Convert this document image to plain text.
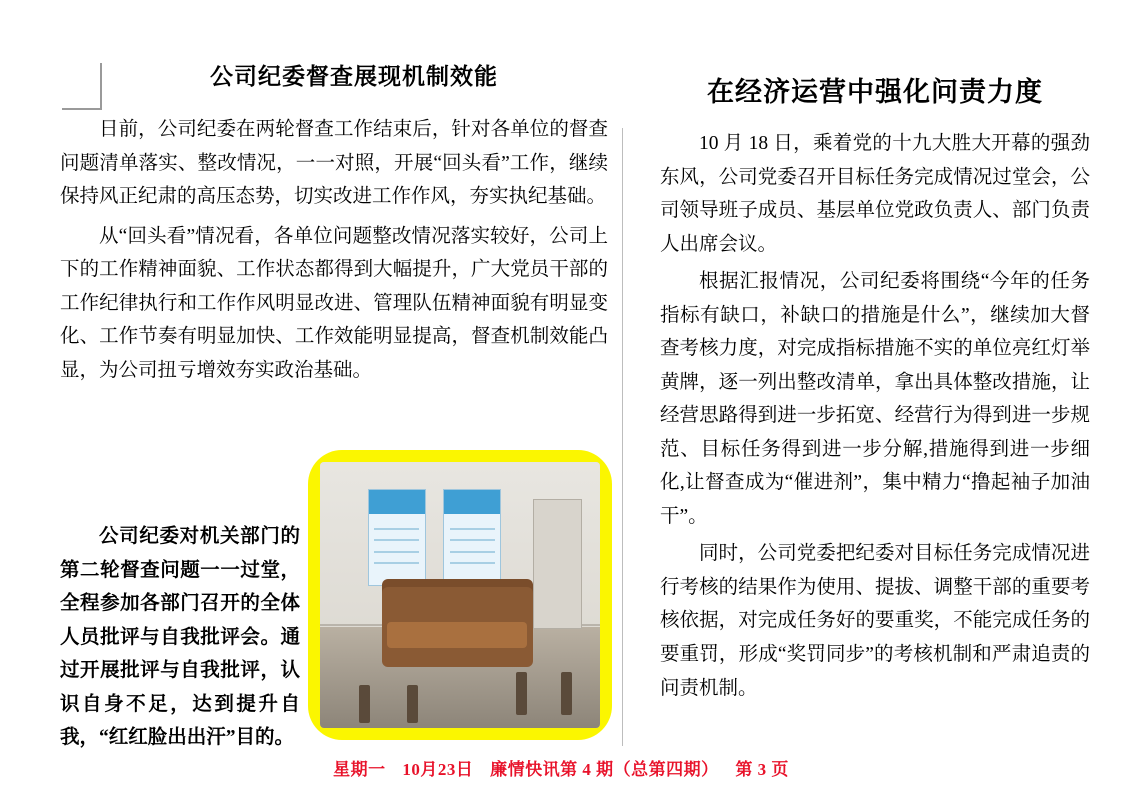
公司纪委督查展现机制效能

日前，公司纪委在两轮督查工作结束后，针对各单位的督查问题清单落实、整改情况，一一对照，开展“回头看”工作，继续保持风正纪肃的高压态势，切实改进工作作风，夯实执纪基础。

从“回头看”情况看，各单位问题整改情况落实较好，公司上下的工作精神面貌、工作状态都得到大幅提升，广大党员干部的工作纪律执行和工作作风明显改进、管理队伍精神面貌有明显变化、工作节奏有明显加快、工作效能明显提高，督查机制效能凸显，为公司扭亏增效夯实政治基础。

公司纪委对机关部门的第二轮督查问题一一过堂，全程参加各部门召开的全体人员批评与自我批评会。通过开展批评与自我批评，认识自身不足，达到提升自我，“红红脸出出汗”目的。

在经济运营中强化问责力度

10 月 18 日，乘着党的十九大胜大开幕的强劲东风，公司党委召开目标任务完成情况过堂会，公司领导班子成员、基层单位党政负责人、部门负责人出席会议。

根据汇报情况，公司纪委将围绕“今年的任务指标有缺口，补缺口的措施是什么”，继续加大督查考核力度，对完成指标措施不实的单位亮红灯举黄牌，逐一列出整改清单，拿出具体整改措施，让经营思路得到进一步拓宽、经营行为得到进一步规范、目标任务得到进一步分解,措施得到进一步细化,让督查成为“催进剂”，集中精力“撸起袖子加油干”。

同时，公司党委把纪委对目标任务完成情况进行考核的结果作为使用、提拔、调整干部的重要考核依据，对完成任务好的要重奖，不能完成任务的要重罚，形成“奖罚同步”的考核机制和严肃追责的问责机制。

星期一 10月23日 廉情快讯第 4 期（总第四期） 第 3 页
